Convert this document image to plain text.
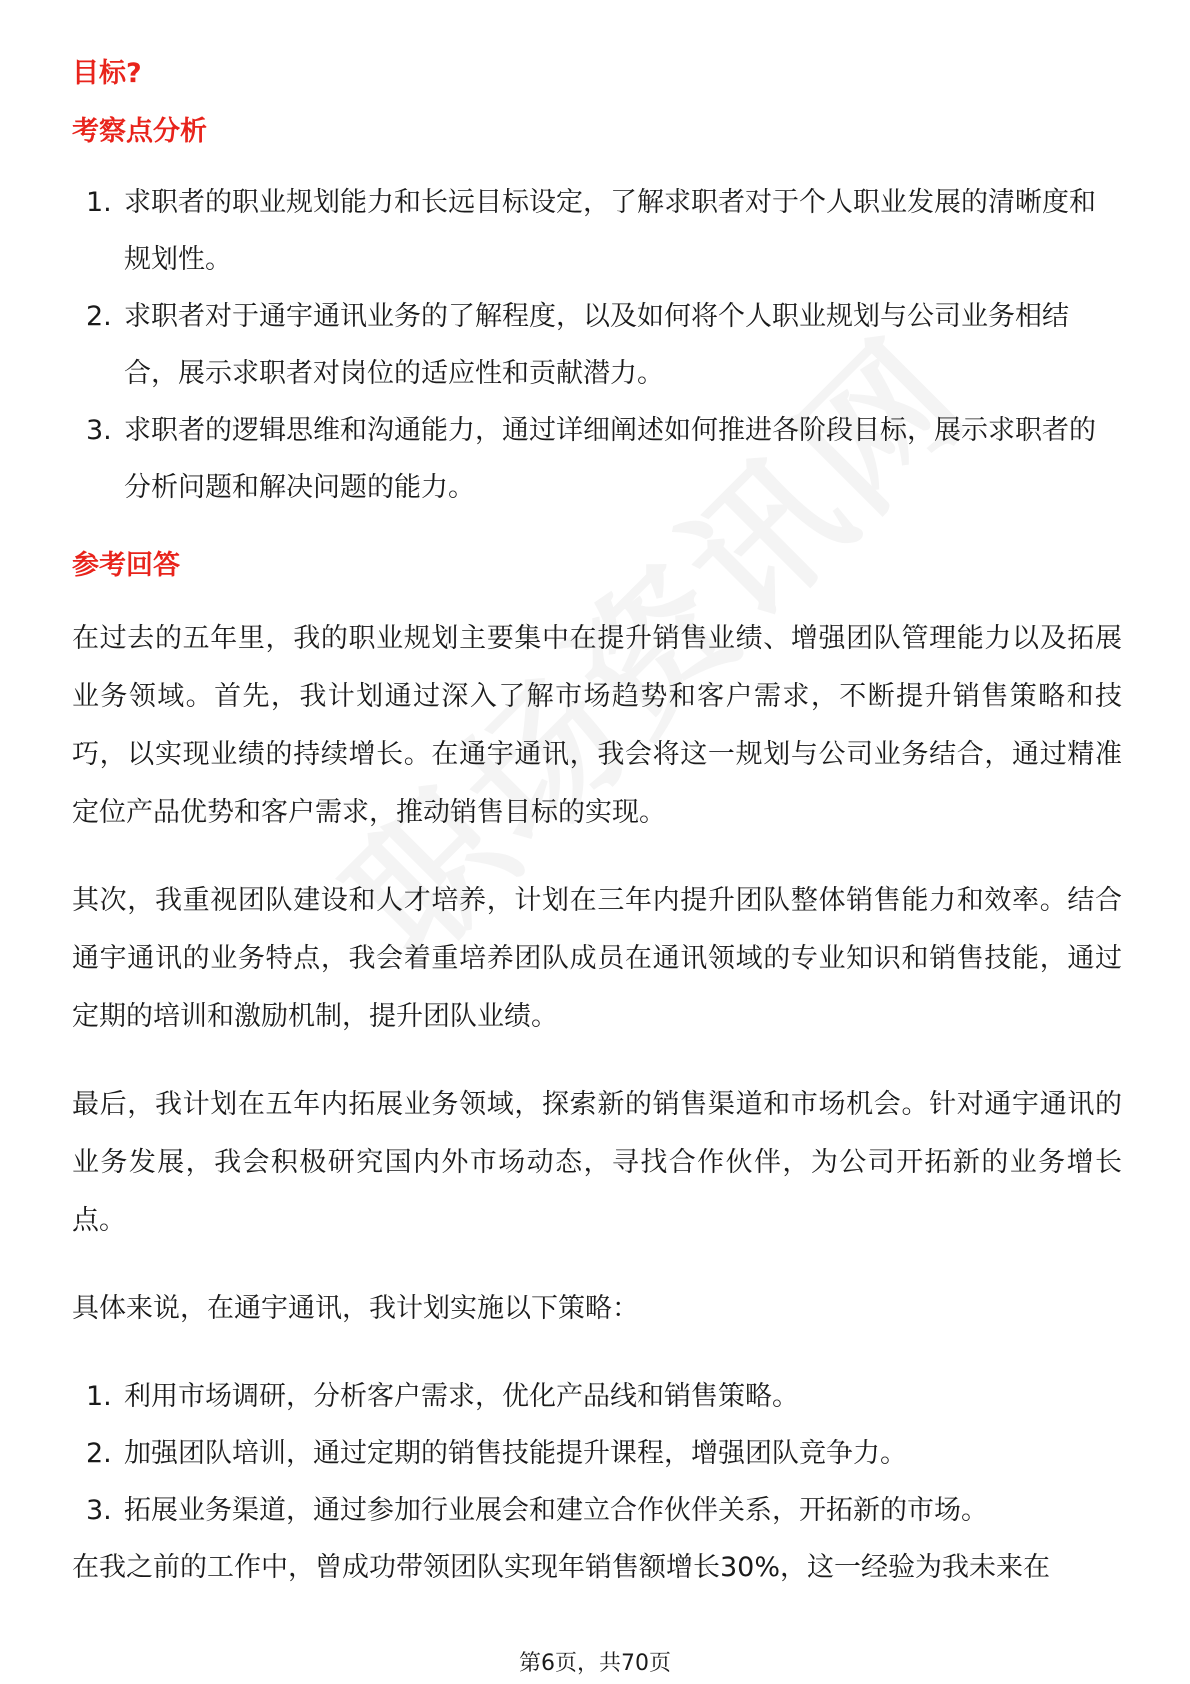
目标?
考察点分析
1. 求职者的职业规划能力和长远目标设定，了解求职者对于个人职业发展的清晰度和规划性。
2. 求职者对于通宇通讯业务的了解程度，以及如何将个人职业规划与公司业务相结合，展示求职者对岗位的适应性和贡献潜力。
3. 求职者的逻辑思维和沟通能力，通过详细阐述如何推进各阶段目标，展示求职者的分析问题和解决问题的能力。
参考回答

在过去的五年里，我的职业规划主要集中在提升销售业绩、增强团队管理能力以及拓展业务领域。首先，我计划通过深入了解市场趋势和客户需求，不断提升销售策略和技巧，以实现业绩的持续增长。在通宇通讯，我会将这一规划与公司业务结合，通过精准定位产品优势和客户需求，推动销售目标的实现。

其次，我重视团队建设和人才培养，计划在三年内提升团队整体销售能力和效率。结合通宇通讯的业务特点，我会着重培养团队成员在通讯领域的专业知识和销售技能，通过定期的培训和激励机制，提升团队业绩。

最后，我计划在五年内拓展业务领域，探索新的销售渠道和市场机会。针对通宇通讯的业务发展，我会积极研究国内外市场动态，寻找合作伙伴，为公司开拓新的业务增长点。

具体来说，在通宇通讯，我计划实施以下策略：

1. 利用市场调研，分析客户需求，优化产品线和销售策略。
2. 加强团队培训，通过定期的销售技能提升课程，增强团队竞争力。
3. 拓展业务渠道，通过参加行业展会和建立合作伙伴关系，开拓新的市场。

在我之前的工作中，曾成功带领团队实现年销售额增长30%，这一经验为我未来在

第6页，共70页
